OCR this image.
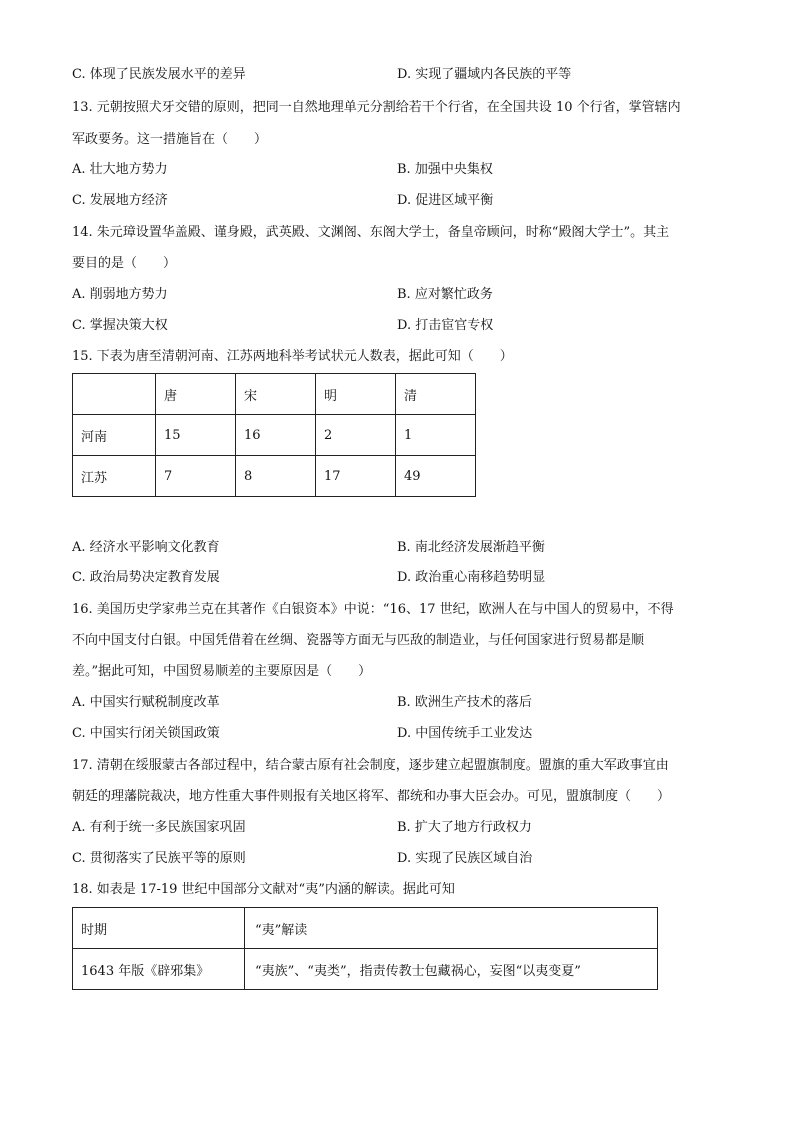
C. 体现了民族发展水平的差异	D. 实现了疆域内各民族的平等
13. 元朝按照犬牙交错的原则，把同一自然地理单元分割给若干个行省，在全国共设 10 个行省，掌管辖内
军政要务。这一措施旨在（　　）
A. 壮大地方势力	B. 加强中央集权
C. 发展地方经济	D. 促进区域平衡
14. 朱元璋设置华盖殿、谨身殿，武英殿、文渊阁、东阁大学士，备皇帝顾问，时称“殿阁大学士”。其主
要目的是（　　）
A. 削弱地方势力	B. 应对繁忙政务
C. 掌握决策大权	D. 打击宦官专权
15. 下表为唐至清朝河南、江苏两地科举考试状元人数表，据此可知（　　）
	唐	宋	明	清
河南	15	16	2	1
江苏	7	8	17	49
A. 经济水平影响文化教育	B. 南北经济发展渐趋平衡
C. 政治局势决定教育发展	D. 政治重心南移趋势明显
16. 美国历史学家弗兰克在其著作《白银资本》中说：“16、17 世纪，欧洲人在与中国人的贸易中，不得
不向中国支付白银。中国凭借着在丝绸、瓷器等方面无与匹敌的制造业，与任何国家进行贸易都是顺
差。”据此可知，中国贸易顺差的主要原因是（　　）
A. 中国实行赋税制度改革	B. 欧洲生产技术的落后
C. 中国实行闭关锁国政策	D. 中国传统手工业发达
17. 清朝在绥服蒙古各部过程中，结合蒙古原有社会制度，逐步建立起盟旗制度。盟旗的重大军政事宜由
朝廷的理藩院裁决，地方性重大事件则报有关地区将军、都统和办事大臣会办。可见，盟旗制度（　　）
A. 有利于统一多民族国家巩固	B. 扩大了地方行政权力
C. 贯彻落实了民族平等的原则	D. 实现了民族区域自治
18. 如表是 17-19 世纪中国部分文献对“夷”内涵的解读。据此可知
时期	“夷”解读
1643 年版《辟邪集》	“夷族”、“夷类”，指责传教士包藏祸心，妄图“以夷变夏”
